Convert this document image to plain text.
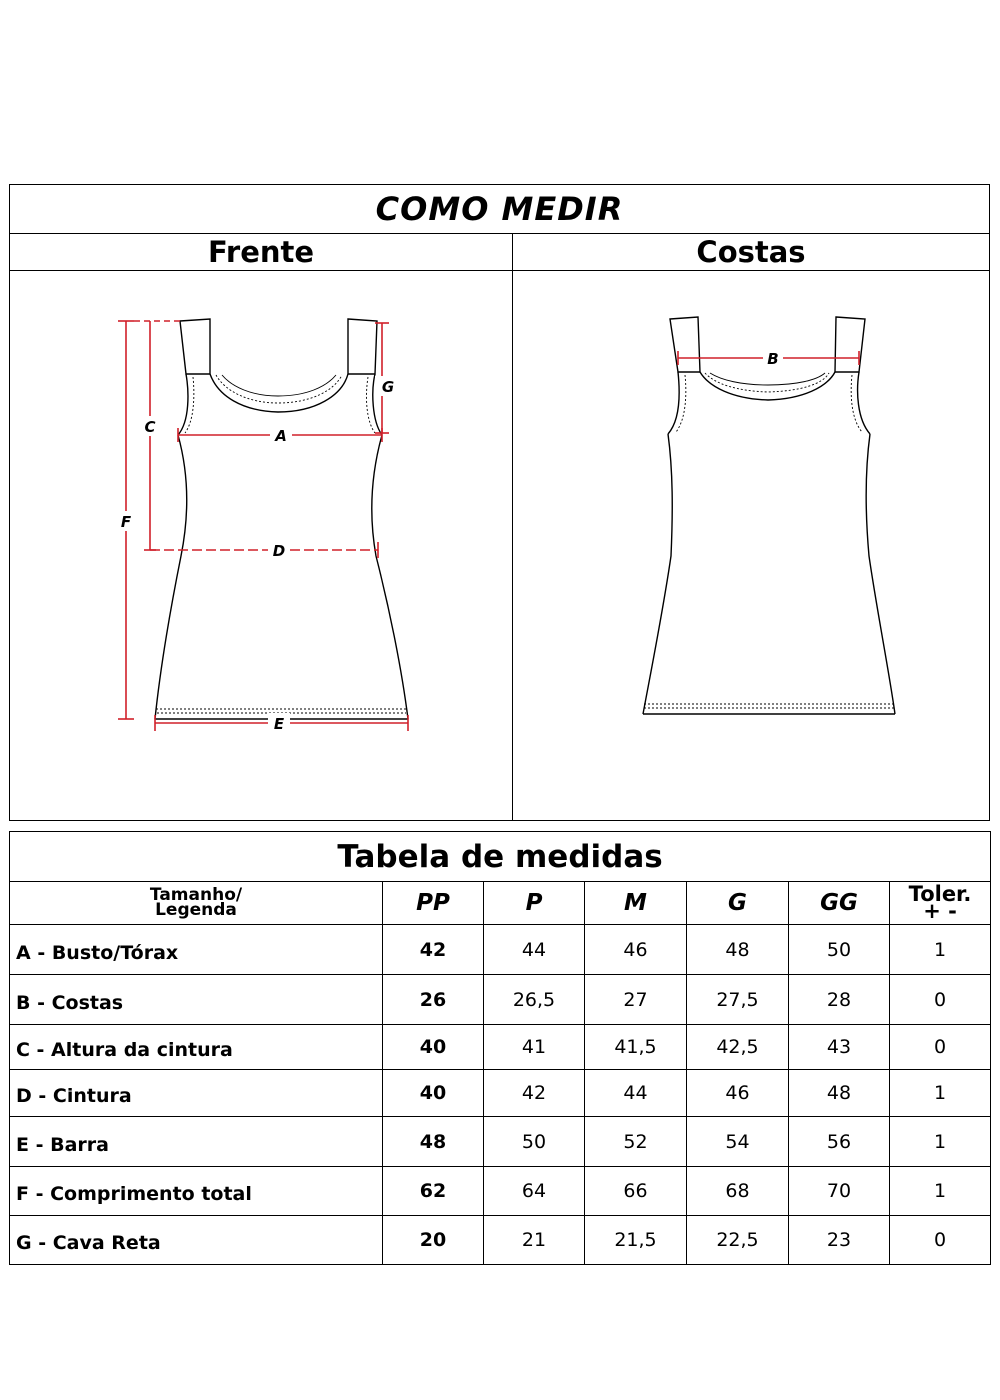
COMO MEDIR
Frente	Costas
F
C	A
D
E
G
B
Tabela de medidas						
Tamanho/
Legenda	PP	P	M	G	GG	Toler.
+ -
A - Busto/Tórax	42	44	46	48	50	1
B - Costas	26	26,5	27	27,5	28	0
C - Altura da cintura	40	41	41,5	42,5	43	0
D - Cintura	40	42	44	46	48	1
E - Barra	48	50	52	54	56	1
F - Comprimento total	62	64	66	68	70	1
G - Cava Reta	20	21	21,5	22,5	23	0
